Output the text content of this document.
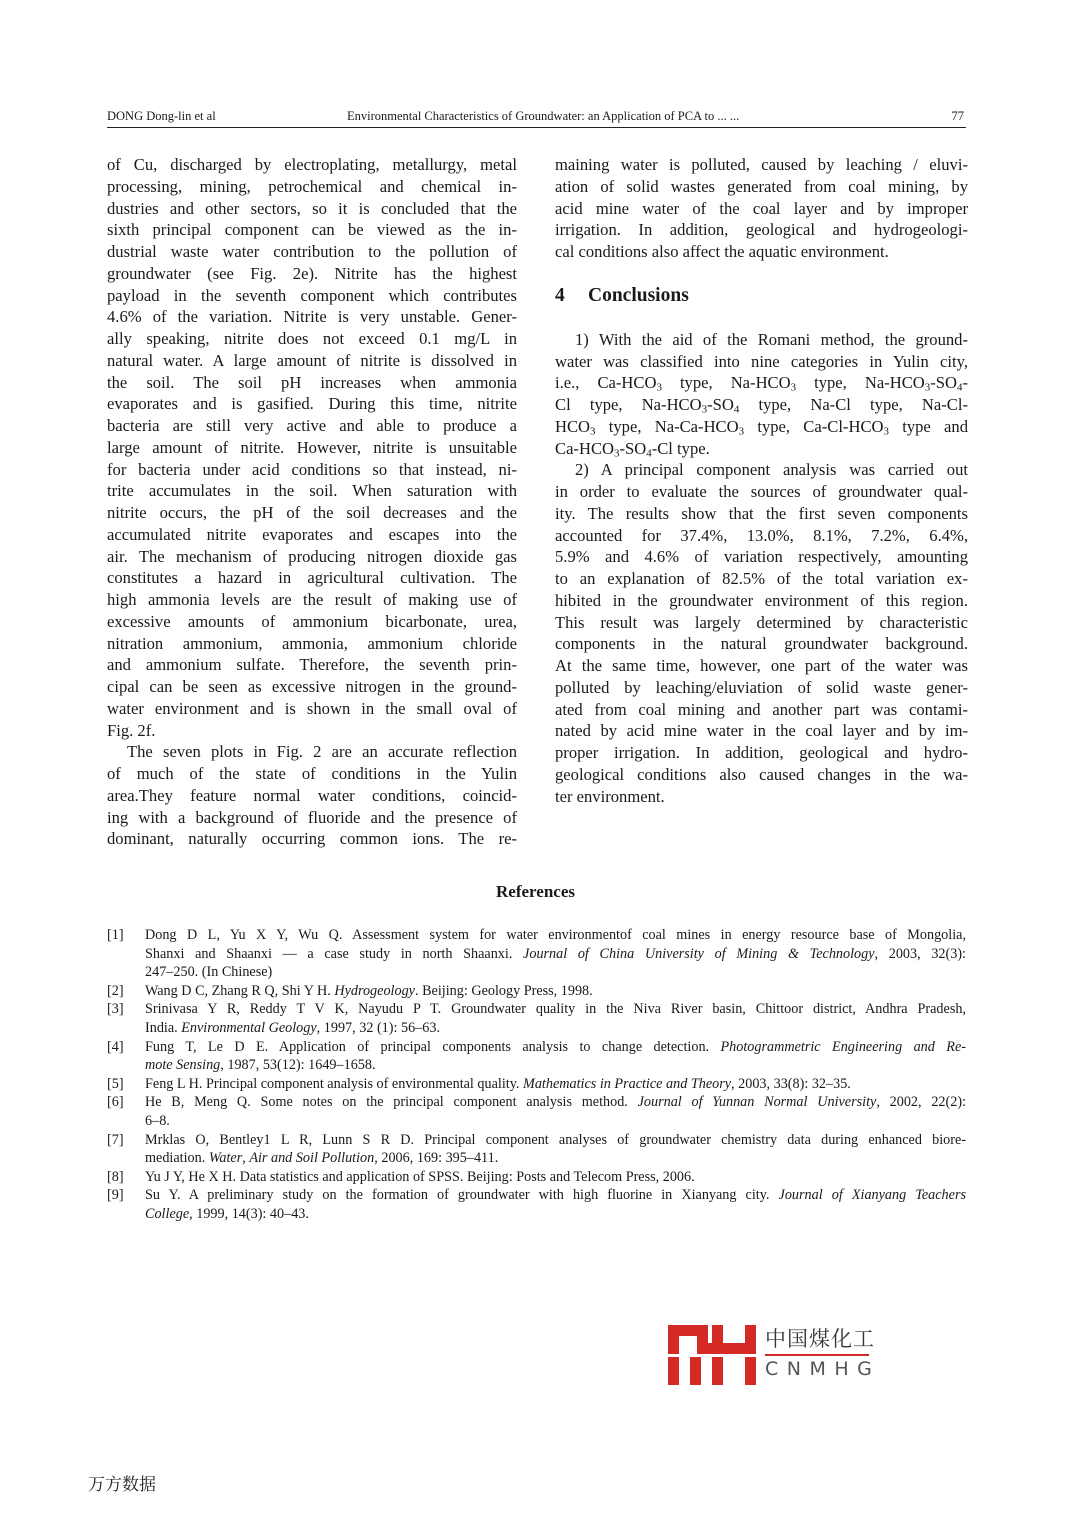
DONG Dong-lin et al	Environmental Characteristics of Groundwater: an Application of PCA to ... ...	77
of Cu, discharged by electroplating, metallurgy, metal
processing, mining, petrochemical and chemical in-
dustries and other sectors, so it is concluded that the
sixth principal component can be viewed as the in-
dustrial waste water contribution to the pollution of
groundwater (see Fig. 2e). Nitrite has the highest
payload in the seventh component which contributes
4.6% of the variation. Nitrite is very unstable. Gener-
ally speaking, nitrite does not exceed 0.1 mg/L in
natural water. A large amount of nitrite is dissolved in
the soil. The soil pH increases when ammonia
evaporates and is gasified. During this time, nitrite
bacteria are still very active and able to produce a
large amount of nitrite. However, nitrite is unsuitable
for bacteria under acid conditions so that instead, ni-
trite accumulates in the soil. When saturation with
nitrite occurs, the pH of the soil decreases and the
accumulated nitrite evaporates and escapes into the
air. The mechanism of producing nitrogen dioxide gas
constitutes a hazard in agricultural cultivation. The
high ammonia levels are the result of making use of
excessive amounts of ammonium bicarbonate, urea,
nitration ammonium, ammonia, ammonium chloride
and ammonium sulfate. Therefore, the seventh prin-
cipal can be seen as excessive nitrogen in the ground-
water environment and is shown in the small oval of
Fig. 2f.
The seven plots in Fig. 2 are an accurate reflection
of much of the state of conditions in the Yulin
area.They feature normal water conditions, coincid-
ing with a background of fluoride and the presence of
dominant, naturally occurring common ions. The re-
maining water is polluted, caused by leaching / eluvi-
ation of solid wastes generated from coal mining, by
acid mine water of the coal layer and by improper
irrigation. In addition, geological and hydrogeologi-
cal conditions also affect the aquatic environment.
4 Conclusions
1) With the aid of the Romani method, the ground-
water was classified into nine categories in Yulin city,
i.e., $Ca-HCO_3$ type, $Na-HCO_3$ type, $Na-HCO_3-SO_4-$
Cl type, $Na-HCO_3-SO_4$ type, Na-Cl type, Na-Cl-
$HCO_3$ type, $Na-Ca-HCO_3$ type, $Ca-Cl-HCO_3$ type and
$Ca-HCO_3-SO_4-Cl$ type.
2) A principal component analysis was carried out
in order to evaluate the sources of groundwater qual-
ity. The results show that the first seven components
accounted for 37.4%, 13.0%, 8.1%, 7.2%, 6.4%,
5.9% and 4.6% of variation respectively, amounting
to an explanation of 82.5% of the total variation ex-
hibited in the groundwater environment of this region.
This result was largely determined by characteristic
components in the natural groundwater background.
At the same time, however, one part of the water was
polluted by leaching/eluviation of solid waste gener-
ated from coal mining and another part was contami-
nated by acid mine water in the coal layer and by im-
proper irrigation. In addition, geological and hydro-
geological conditions also caused changes in the wa-
ter environment.
References
[1] Dong D L, Yu X Y, Wu Q. Assessment system for water environmentof coal mines in energy resource base of Mongolia,
Shanxi and Shaanxi — a case study in north Shaanxi. Journal of China University of Mining & Technology, 2003, 32(3):
247–250. (In Chinese)
[2] Wang D C, Zhang R Q, Shi Y H. Hydrogeology. Beijing: Geology Press, 1998.
[3] Srinivasa Y R, Reddy T V K, Nayudu P T. Groundwater quality in the Niva River basin, Chittoor district, Andhra Pradesh,
India. Environmental Geology, 1997, 32 (1): 56–63.
[4] Fung T, Le D E. Application of principal components analysis to change detection. Photogrammetric Engineering and Re-
mote Sensing, 1987, 53(12): 1649–1658.
[5] Feng L H. Principal component analysis of environmental quality. Mathematics in Practice and Theory, 2003, 33(8): 32–35.
[6] He B, Meng Q. Some notes on the principal component analysis method. Journal of Yunnan Normal University, 2002, 22(2):
6–8.
[7] Mrklas O, Bentley1 L R, Lunn S R D. Principal component analyses of groundwater chemistry data during enhanced biore-
mediation. Water, Air and Soil Pollution, 2006, 169: 395–411.
[8] Yu J Y, He X H. Data statistics and application of SPSS. Beijing: Posts and Telecom Press, 2006.
[9] Su Y. A preliminary study on the formation of groundwater with high fluorine in Xianyang city. Journal of Xianyang Teachers
College, 1999, 14(3): 40–43.
中国煤化工
CNMHG
万方数据
